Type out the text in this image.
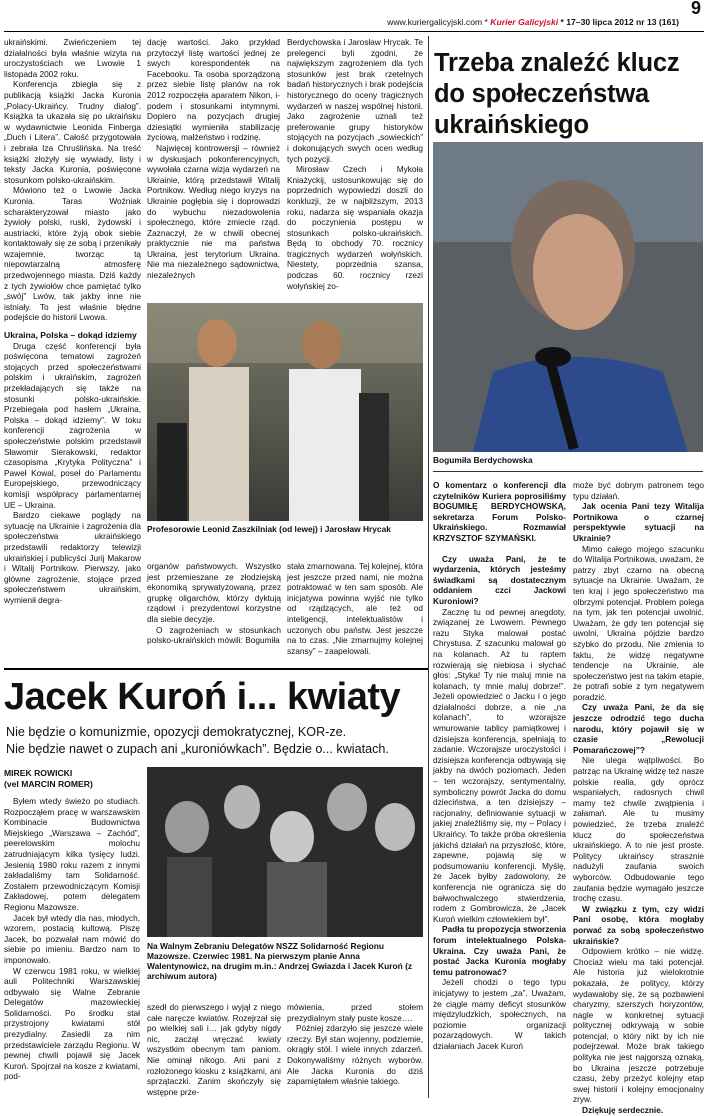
www.kuriergalicyjski.com * Kurier Galicyjski * 17–30 lipca 2012 nr 13 (161)
9

ukraińskimi. Zwieńczeniem tej działalności była właśnie wizyta na uroczystościach we Lwowie 1 listopada 2002 roku.

Konferencja zbiegła się z publikacją książki Jacka Kuronia „Polacy-Ukraińcy. Trudny dialog”. Książka ta ukazała się po ukraińsku w wydawnictwie Leonida Finberga „Duch i Litera”. Całość przygotowała i zebrała Iza Chruślińska. Na treść książki złożyły się wywiady, listy i teksty Jacka Kuronia, poświęcone stosunkom polsko-ukraińskim.

Mówiono też o Lwowie Jacka Kuronia. Taras Woźniak scharakteryzował miasto jako żywioły polski, ruski, żydowski i austriacki, które żyją obok siebie kontaktowały się ze sobą i przenikały wzajemnie, tworząc tą niepowtarzalną atmosferę przedwojennego miasta. Dziś każdy z tych żywiołów chce pamiętać tylko „swój” Lwów, tak jakby inne nie istniały. To jest właśnie błędne podejście do historii Lwowa.

Ukraina, Polska – dokąd idziemy

Druga część konferencji była poświęcona tematowi zagrożeń stojących przed społeczeństwami polskim i ukraińskim, zagrożeń przekładających się także na stosunki polsko-ukraińskie. Przebiegała pod hasłem „Ukraina, Polska – dokąd idziemy”. W toku konferencji zagrożenia w społeczeństwie polskim przedstawił Sławomir Sierakowski, redaktor czasopisma „Krytyka Polityczna” i Paweł Kowal, poseł do Parlamentu Europejskiego, przewodniczący komisji współpracy parlamentarnej UE – Ukraina.

Bardzo ciekawe poglądy na sytuację na Ukrainie i zagrożenia dla społeczeństwa ukraińskiego przedstawili redaktorzy telewizji ukraińskiej i publicyści Jurij Makarow i Witalij Portnikow. Pierwszy, jako główne zagrożenie, stojące przed społeczeństwem ukraińskim, wymienił degra-

dację wartości. Jako przykład przytoczył listę wartości jednej ze swych korespondentek na Facebooku. Ta osoba sporządzoną przez siebie listę planów na rok 2012 rozpoczęła aparatem Nikon, i-podem i stosunkami intymnymi. Dopiero na pozycjach drugiej dziesiątki wymieniła stabilizację życiową, małżeństwo i rodzinę.

Najwięcej kontrowersji – również w dyskusjach pokonferencyjnych, wywołała czarna wizja wydarzeń na Ukrainie, którą przedstawił Witalij Portnikow. Według niego kryzys na Ukrainie pogłębia się i doprowadzi do wybuchu niezadowolenia społecznego, które zmiecie rząd. Zaznaczył, że w chwili obecnej praktycznie nie ma państwa Ukraina, jest terytorium Ukraina. Nie ma niezależnego sądownictwa, niezależnych

Berdychowska i Jarosław Hrycak. Te prelegenci byli zgodni, że największym zagrożeniem dla tych stosunków jest brak rzetelnych badań historycznych i brak podejścia historycznego do oceny tragicznych wydarzeń w naszej wspólnej historii. Jako zagrożenie uznali też preferowanie grupy historyków stojących na pozycjach „sowieckich” i dokonujących swych ocen według tych pozycji.

Mirosław Czech i Mykoła Kniażyckij, ustosunkowując się do poprzednich wypowiedzi doszli do konkluzji, że w najbliższym, 2013 roku, nadarza się wspaniała okazja do poczynienia postępu w stosunkach polsko-ukraińskich. Będą to obchody 70. rocznicy tragicznych wydarzeń wołyńskich. Niestety, poprzednia szansa, podczas 60. rocznicy rzezi wołyńskiej zo-

Profesorowie Leonid Zaszkilniak (od lewej) i Jarosław Hrycak

organów państwowych. Wszystko jest przemieszane ze złodziejską ekonomiką sprywatyzowaną, przez grupkę oligarchów, którzy dyktują rządowi i prezydentowi korzystne dla siebie decyzje.

O zagrożeniach w stosunkach polsko-ukraińskich mówili: Bogumiła

stała zmarnowana. Tej kolejnej, która jest jeszcze przed nami, nie można potraktować w ten sam sposób. Ale inicjatywa powinna wyjść nie tylko od rządzących, ale też od inteligencji, intelektualistów i uczonych obu państw. Jest jeszcze na to czas. „Nie zmarnujmy kolejnej szansy” – zaapelowali.

Trzeba znaleźć klucz do społeczeństwa ukraińskiego
Bogumiła Berdychowska

O komentarz o konferencji dla czytelników Kuriera poprosiliśmy BOGUMIŁĘ BERDYCHOWSKĄ, sekretarza Forum Polsko-Ukraińskiego. Rozmawiał KRZYSZTOF SZYMAŃSKI.

Czy uważa Pani, że te wydarzenia, których jesteśmy świadkami są dostatecznym oddaniem czci Jackowi Kuroniowi?

Zacznę tu od pewnej anegdoty, związanej ze Lwowem. Pewnego razu Styka malował postać Chrystusa. Z szacunku malował go na kolanach. Aż tu raptem rozwierają się niebiosa i słychać głos: „Styka! Ty nie maluj mnie na kolanach, ty mnie maluj dobrze!”. Jeżeli opowiedzieć o Jacku i o jego działalności dobrze, a nie „na kolanach”, to wzorajsze wmurowanie tablicy pamiątkowej i dzisiejsza konferencja, spełniają to zadanie. Wczorajsze uroczystości i dzisiejsza konferencja odbywają się jakby na dwóch poziomach. Jeden – ten wczorajszy, sentymentalny, symboliczny powrót Jacka do domu dzieciństwa, a ten dzisiejszy – racjonalny, definiowanie sytuacji w jakiej znaleźliśmy się, my – Polacy i Ukraińcy. To także próba określenia jakichś działań na przyszłość, które, zapewne, pojawią się w podsumowaniu konferencji. Myślę, że Jacek byłby zadowolony, że konferencja nie ogranicza się do bałwochwalczego stwierdzenia, rodem z Gombrowicza, że „Jacek Kuroń wielkim człowiekiem był”.

Padła tu propozycja stworzenia forum intelektualnego Polska-Ukraina. Czy uważa Pani, że postać Jacka Kuronia mogłaby temu patronować?

Jeżeli chodzi o tego typu inicjatywy to jestem „za”. Uważam, że ciągle mamy deficyt stosunków międzyludzkich, społecznych, na poziomie organizacji pozarządowych. W takich działaniach Jacek Kuroń

może być dobrym patronem tego typu działań.

Jak ocenia Pani tezy Witalija Portnikowa o czarnej perspektywie sytuacji na Ukrainie?

Mimo całego mojego szacunku do Witalija Portnikowa, uważam, że patrzy zbyt czarno na obecną sytuacje na Ukrainie. Uważam, że ten kraj i jego społeczeństwo ma olbrzymi potencjał. Problem polega na tym, jak ten potencjał uwolnić. Uważam, że gdy ten potencjał się uwolni, Ukraina pójdzie bardzo szybko do przodu. Nie zmienia to faktu, że widzę negatywne tendencje na Ukrainie, ale społeczeństwo jest na takim etapie, że potrafi sobie z tym negatywem poradzić.

Czy uważa Pani, że da się jeszcze odrodzić tego ducha narodu, który pojawił się w czasie „Rewolucji Pomarańczowej”?

Nie ulega wątpliwości. Bo patrząc na Ukrainę widzę też nasze polskie realia, gdy oprócz wspaniałych, radosnych chwil mamy też chwile zwątpienia i załamań. Ale tu musimy powiedzieć, że trzeba znaleźć klucz do społeczeństwa ukraińskiego. A to nie jest proste. Politycy ukraińscy strasznie nadużyli zaufania swoich wyborców. Odbudowanie tego zaufania będzie wymagało jeszcze trochę czasu.

W związku z tym, czy widzi Pani osobę, która mogłaby porwać za sobą społeczeństwo ukraińskie?

Odpowiem krótko – nie widzę. Chociaż wielu ma taki potencjał. Ale historia już wielokrotnie pokazała, że politycy, którzy wydawałoby się, że są pozbawieni charyzmy, szerszych horyzontów, nagle w konkretnej sytuacji politycznej odkrywają w sobie potencjał, o który nikt by ich nie podejrzewał. Może brak takiego polityka nie jest najgorszą oznaką, bo Ukraina jeszcze potrzebuje czasu, żeby przeżyć kolejny etap swej historii i kolejny emocjonalny zryw.

Dziękuję serdecznie.

Jacek Kuroń i... kwiaty
Nie będzie o komunizmie, opozycji demokratycznej, KOR-ze.
Nie będzie nawet o zupach ani „kuroniówkach”. Będzie o... kwiatach.
MIREK ROWICKI
(vel MARCIN ROMER)

Byłem wtedy świeżo po studiach. Rozpocząłem pracę w warszawskim Kombinacie Budownictwa Miejskiego „Warszawa – Zachód”, peerelowskim molochu zatrudniającym kilka tysięcy ludzi. Jesienią 1980 roku razem z innymi zakładaliśmy tam Solidarność. Zostałem przewodniczącym Komisji Zakładowej, potem delegatem Regionu Mazowsze.

Jacek był wtedy dla nas, młodych, wzorem, postacią kultową. Piszę Jacek, bo pozwalał nam mówić do siebie po imieniu. Bardzo nam to imponowało.

W czerwcu 1981 roku, w wielkiej auli Politechniki Warszawskiej odbywało się Walne Zebranie Delegatów mazowieckiej Solidarności. Po środku stał przystrojony kwiatami stół prezydialny. Zasiedli za nim przedstawiciele zarządu Regionu. W pewnej chwili pojawił się Jacek Kuroń. Spojrzał na kosze z kwiatami, pod-

Na Walnym Zebraniu Delegatów NSZZ Solidarność Regionu Mazowsze. Czerwiec 1981. Na pierwszym planie Anna Walentynowicz, na drugim m.in.: Andrzej Gwiazda i Jacek Kuroń (z archiwum autora)

szedł do pierwszego i wyjął z niego całe naręcze kwiatów. Rozejrzał się po wielkiej sali i… jak gdyby nigdy nic, zaczął wręczać kwiaty wszystkim obecnym tam paniom. Nie ominął nikogo. Ani pani z rozłożonego kiosku z książkami, ani sprzątaczki. Zanim skończyły się wstępne prze-

mówienia, przed stołem prezydialnym stały puste kosze….

Później zdarzyło się jeszcze wiele rzeczy. Był stan wojenny, podziemie, okrągły stół. I wiele innych zdarzeń. Dokonywaliśmy różnych wyborów. Ale Jacka Kuronia do dziś zapamiętałem właśnie takiego.
